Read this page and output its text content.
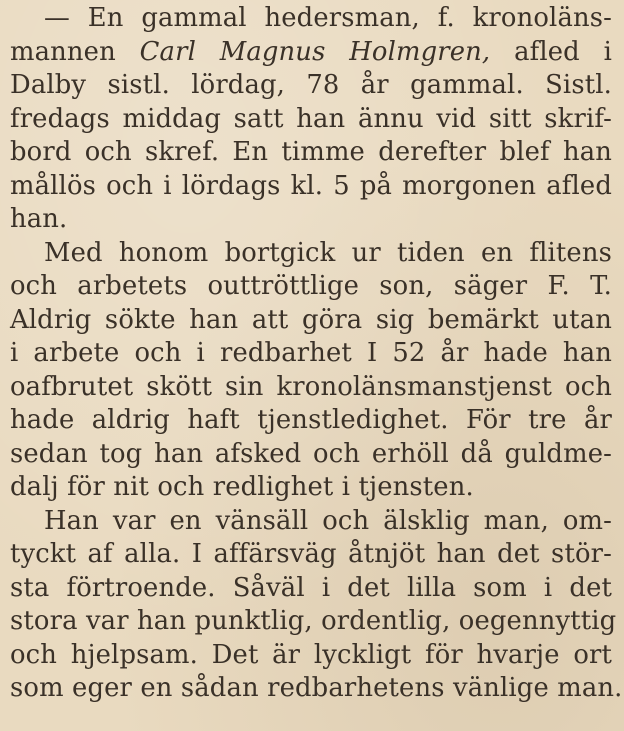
— En gammal hedersman, f. kronoläns-
mannen Carl Magnus Holmgren, afled i
Dalby sistl. lördag, 78 år gammal. Sistl.
fredags middag satt han ännu vid sitt skrif-
bord och skref. En timme derefter blef han
mållös och i lördags kl. 5 på morgonen afled
han.
Med honom bortgick ur tiden en flitens
och arbetets outtröttlige son, säger F. T.
Aldrig sökte han att göra sig bemärkt utan
i arbete och i redbarhet I 52 år hade han
oafbrutet skött sin kronolänsmanstjenst och
hade aldrig haft tjenstledighet. För tre år
sedan tog han afsked och erhöll då guldme-
dalj för nit och redlighet i tjensten.
Han var en vänsäll och älsklig man, om-
tyckt af alla. I affärsväg åtnjöt han det stör-
sta förtroende. Såväl i det lilla som i det
stora var han punktlig, ordentlig, oegennyttig
och hjelpsam. Det är lyckligt för hvarje ort
som eger en sådan redbarhetens vänlige man.
